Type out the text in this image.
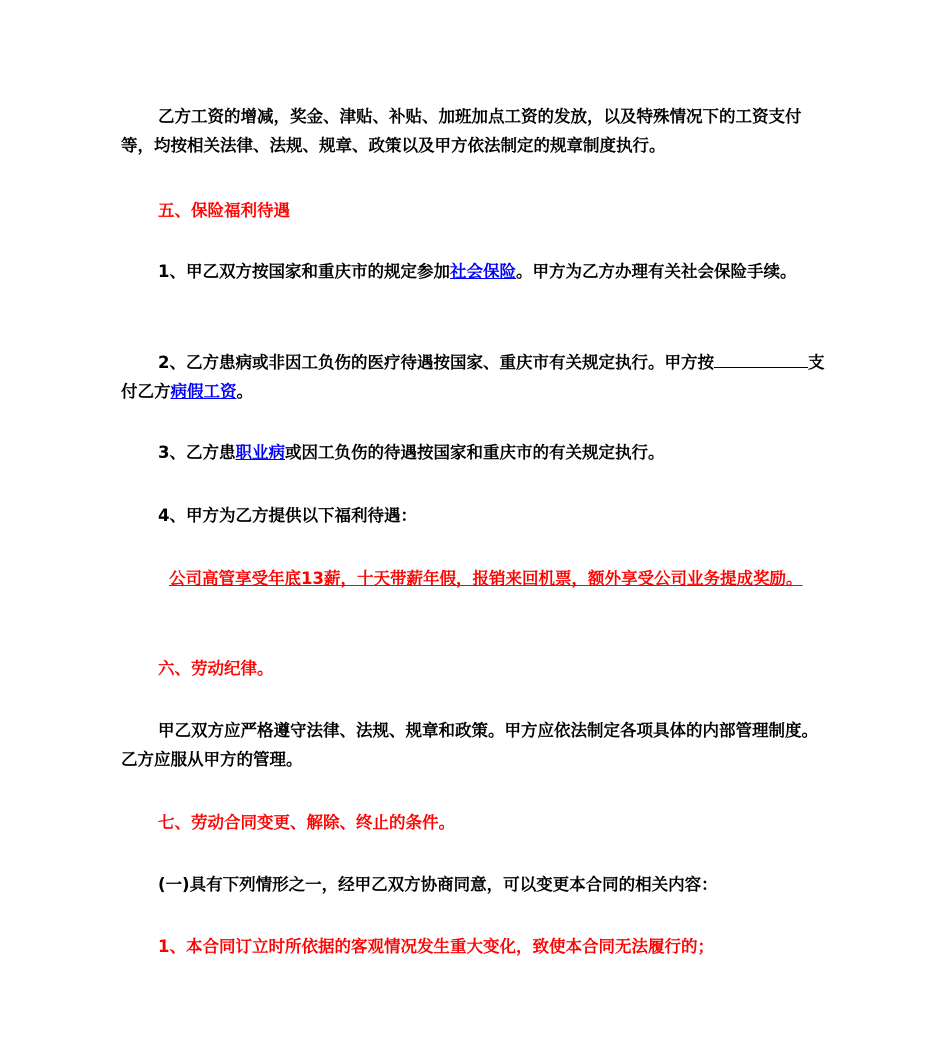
乙方工资的增减，奖金、津贴、补贴、加班加点工资的发放，以及特殊情况下的工资支付等，均按相关法律、法规、规章、政策以及甲方依法制定的规章制度执行。

五、保险福利待遇

1、甲乙双方按国家和重庆市的规定参加社会保险。甲方为乙方办理有关社会保险手续。

2、乙方患病或非因工负伤的医疗待遇按国家、重庆市有关规定执行。甲方按	支付乙方病假工资。

3、乙方患职业病或因工负伤的待遇按国家和重庆市的有关规定执行。

4、甲方为乙方提供以下福利待遇：

公司高管享受年底13薪，十天带薪年假，报销来回机票，额外享受公司业务提成奖励。

六、劳动纪律。

甲乙双方应严格遵守法律、法规、规章和政策。甲方应依法制定各项具体的内部管理制度。乙方应服从甲方的管理。

七、劳动合同变更、解除、终止的条件。

(一)具有下列情形之一，经甲乙双方协商同意，可以变更本合同的相关内容：

1、本合同订立时所依据的客观情况发生重大变化，致使本合同无法履行的；
